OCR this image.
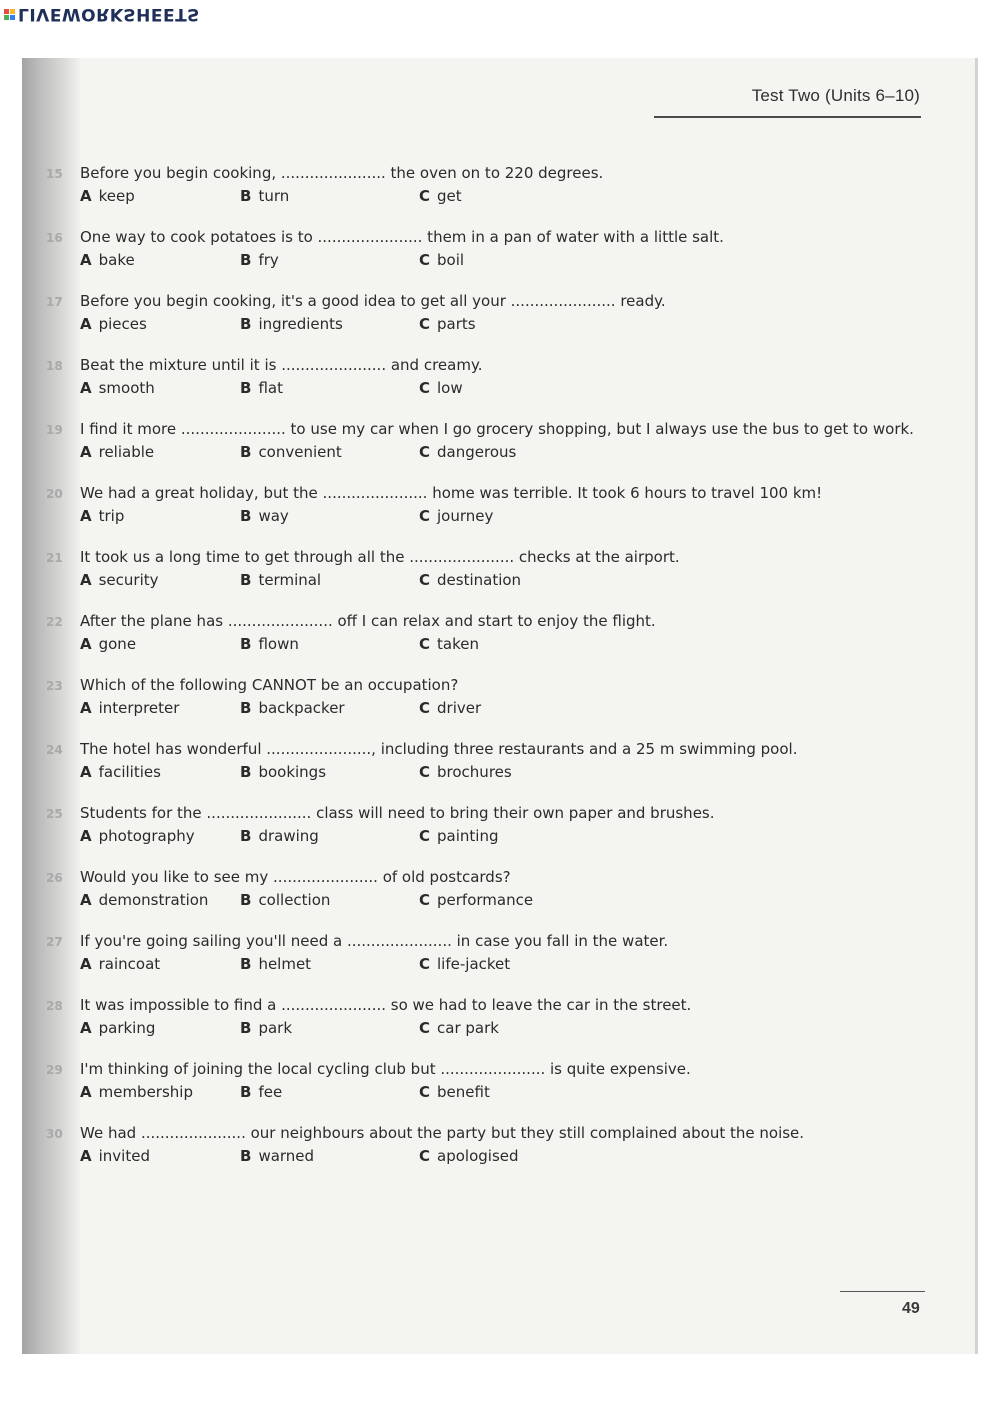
LIVEWORKSHEETS
Test Two (Units 6–10)
15 Before you begin cooking, ...................... the oven on to 220 degrees.
A keep	B turn	C get
16 One way to cook potatoes is to ...................... them in a pan of water with a little salt.
A bake	B fry	C boil
17 Before you begin cooking, it's a good idea to get all your ...................... ready.
A pieces	B ingredients	C parts
18 Beat the mixture until it is ...................... and creamy.
A smooth	B flat	C low
19 I find it more ...................... to use my car when I go grocery shopping, but I always use the bus to get to work.
A reliable	B convenient	C dangerous
20 We had a great holiday, but the ...................... home was terrible. It took 6 hours to travel 100 km!
A trip	B way	C journey
21 It took us a long time to get through all the ...................... checks at the airport.
A security	B terminal	C destination
22 After the plane has ...................... off I can relax and start to enjoy the flight.
A gone	B flown	C taken
23 Which of the following CANNOT be an occupation?
A interpreter	B backpacker	C driver
24 The hotel has wonderful ......................, including three restaurants and a 25 m swimming pool.
A facilities	B bookings	C brochures
25 Students for the ...................... class will need to bring their own paper and brushes.
A photography	B drawing	C painting
26 Would you like to see my ...................... of old postcards?
A demonstration B collection	C performance
27 If you're going sailing you'll need a ...................... in case you fall in the water.
A raincoat	B helmet	C life-jacket
28 It was impossible to find a ...................... so we had to leave the car in the street.
A parking	B park	C car park
29 I'm thinking of joining the local cycling club but ...................... is quite expensive.
A membership	B fee	C benefit
30 We had ...................... our neighbours about the party but they still complained about the noise.
A invited	B warned	C apologised
49
